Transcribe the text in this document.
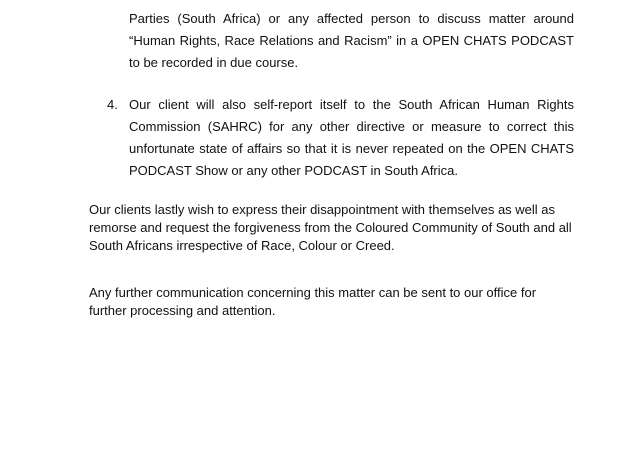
Parties (South Africa) or any affected person to discuss matter around “Human Rights, Race Relations and Racism” in a OPEN CHATS PODCAST to be recorded in due course.
4. Our client will also self-report itself to the South African Human Rights Commission (SAHRC) for any other directive or measure to correct this unfortunate state of affairs so that it is never repeated on the OPEN CHATS PODCAST Show or any other PODCAST in South Africa.
Our clients lastly wish to express their disappointment with themselves as well as remorse and request the forgiveness from the Coloured Community of South and all South Africans irrespective of Race, Colour or Creed.
Any further communication concerning this matter can be sent to our office for further processing and attention.
